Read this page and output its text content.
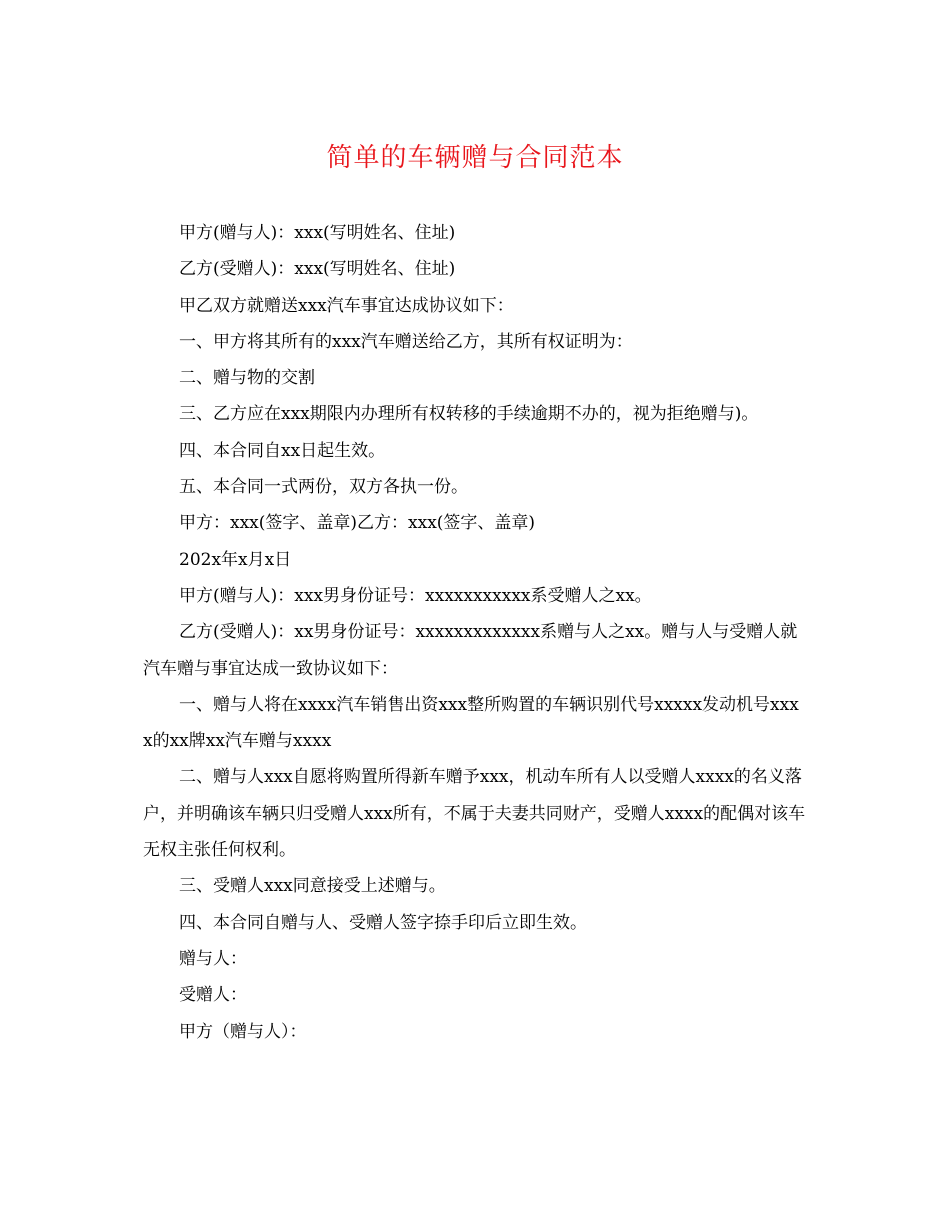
简单的车辆赠与合同范本

甲方(赠与人)：xxx(写明姓名、住址)

乙方(受赠人)：xxx(写明姓名、住址)

甲乙双方就赠送xxx汽车事宜达成协议如下：

一、甲方将其所有的xxx汽车赠送给乙方，其所有权证明为：

二、赠与物的交割

三、乙方应在xxx期限内办理所有权转移的手续逾期不办的，视为拒绝赠与)。

四、本合同自xx日起生效。

五、本合同一式两份，双方各执一份。

甲方：xxx(签字、盖章)乙方：xxx(签字、盖章)

202x年x月x日

甲方(赠与人)：xxx男身份证号：xxxxxxxxxxx系受赠人之xx。

乙方(受赠人)：xx男身份证号：xxxxxxxxxxxxx系赠与人之xx。赠与人与受赠人就汽车赠与事宜达成一致协议如下：

一、赠与人将在xxxx汽车销售出资xxx整所购置的车辆识别代号xxxxx发动机号xxxx的xx牌xx汽车赠与xxxx

二、赠与人xxx自愿将购置所得新车赠予xxx，机动车所有人以受赠人xxxx的名义落户，并明确该车辆只归受赠人xxx所有，不属于夫妻共同财产，受赠人xxxx的配偶对该车无权主张任何权利。

三、受赠人xxx同意接受上述赠与。

四、本合同自赠与人、受赠人签字捺手印后立即生效。

赠与人：

受赠人：

甲方（赠与人）：
